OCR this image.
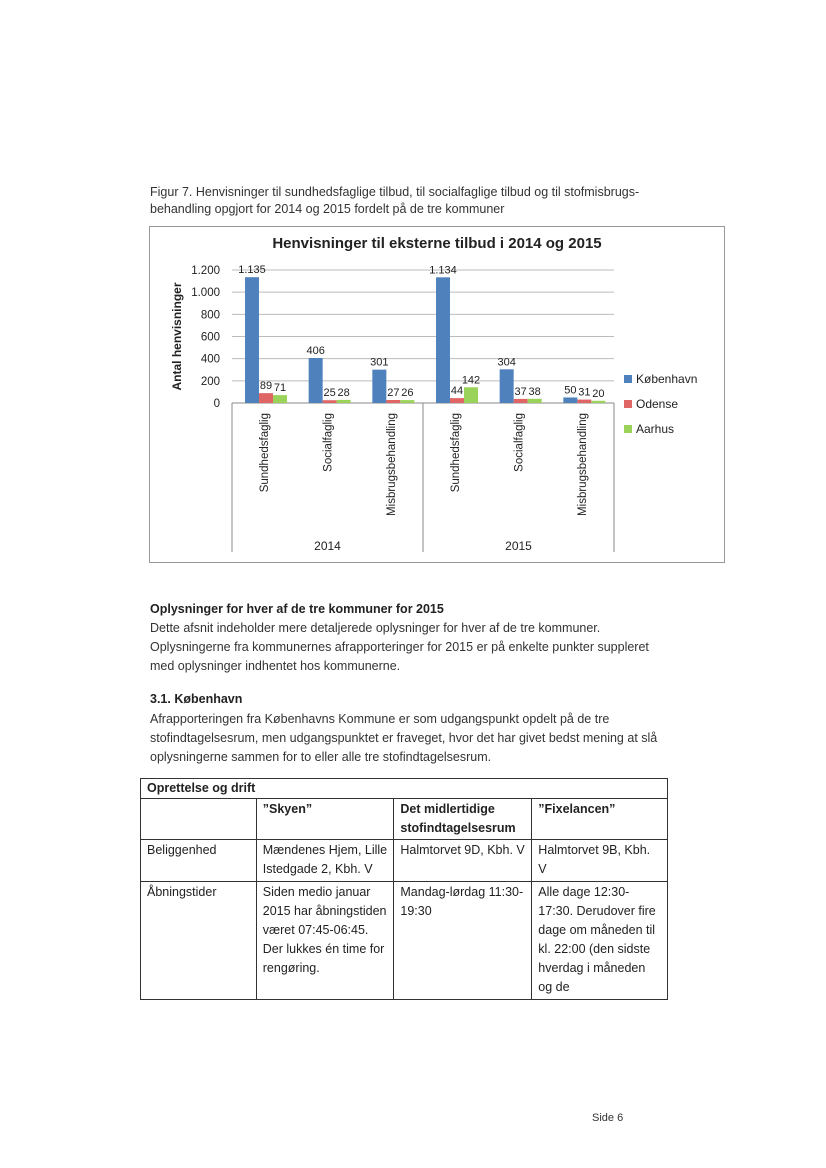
Figur 7. Henvisninger til sundhedsfaglige tilbud, til socialfaglige tilbud og til stofmisbrugs-behandling opgjort for 2014 og 2015 fordelt på de tre kommuner
Henvisninger til eksterne tilbud i 2014 og 2015
0
200
400
600
800
1.000
1.200
Antal henvisninger
1.135
89 71
Sundhedsfaglig
406
25 28
Socialfaglig
301
27 26
Misbrugsbehandling
1.134
44
142
Sundhedsfaglig
304
37 38
Socialfaglig
50 31 20
Misbrugsbehandling
2014	2015
København
Odense
Aarhus
Oplysninger for hver af de tre kommuner for 2015
Dette afsnit indeholder mere detaljerede oplysninger for hver af de tre kommuner. Oplysningerne fra kommunernes afrapporteringer for 2015 er på enkelte punkter suppleret med oplysninger indhentet hos kommunerne.
3.1. København
Afrapporteringen fra Københavns Kommune er som udgangspunkt opdelt på de tre stofindtagelsesrum, men udgangspunktet er fraveget, hvor det har givet bedst mening at slå oplysningerne sammen for to eller alle tre stofindtagelsesrum.
Oprettelse og drift			
	”Skyen”	Det midlertidige stofindtagelsesrum	”Fixelancen”
Beliggenhed	Mændenes Hjem, Lille Istedgade 2, Kbh. V	Halmtorvet 9D, Kbh. V	Halmtorvet 9B, Kbh. V
Åbningstider	Siden medio januar 2015 har åbningstiden været 07:45-06:45. Der lukkes én time for rengøring.	Mandag-lørdag 11:30-19:30	Alle dage 12:30-17:30. Derudover fire dage om måneden til kl. 22:00 (den sidste hverdag i måneden og de
Side 6
